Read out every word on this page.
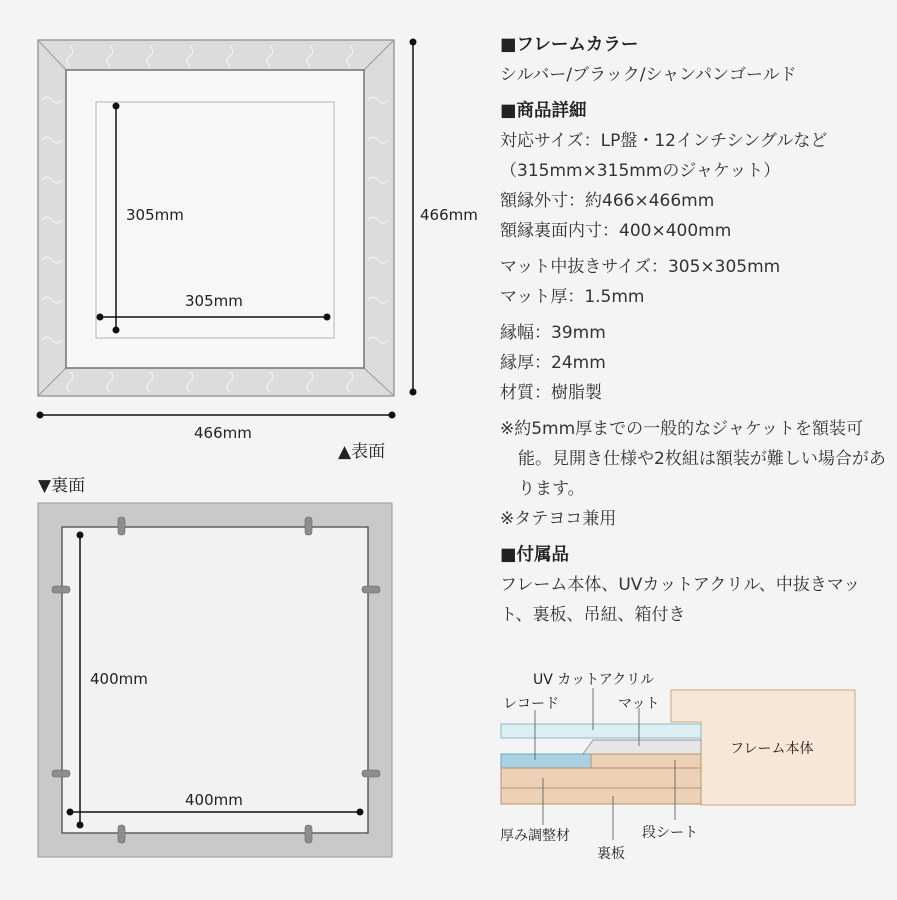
305mm
305mm
466mm
466mm
▲表面
▼裏面
400mm
400mm
■フレームカラー
シルバー/ブラック/シャンパンゴールド
■商品詳細
対応サイズ：LP盤・12インチシングルなど
（315mm×315mmのジャケット）
額縁外寸：約466×466mm
額縁裏面内寸：400×400mm
マット中抜きサイズ：305×305mm
マット厚：1.5mm
縁幅：39mm
縁厚：24mm
材質：樹脂製
※約5mm厚までの一般的なジャケットを額装可能。見開き仕様や2枚組は額装が難しい場合があります。
※タテヨコ兼用
■付属品
フレーム本体、UVカットアクリル、中抜きマット、裏板、吊紐、箱付き
UV カットアクリル
レコード	マット
フレーム本体
厚み調整材	段シート
裏板
